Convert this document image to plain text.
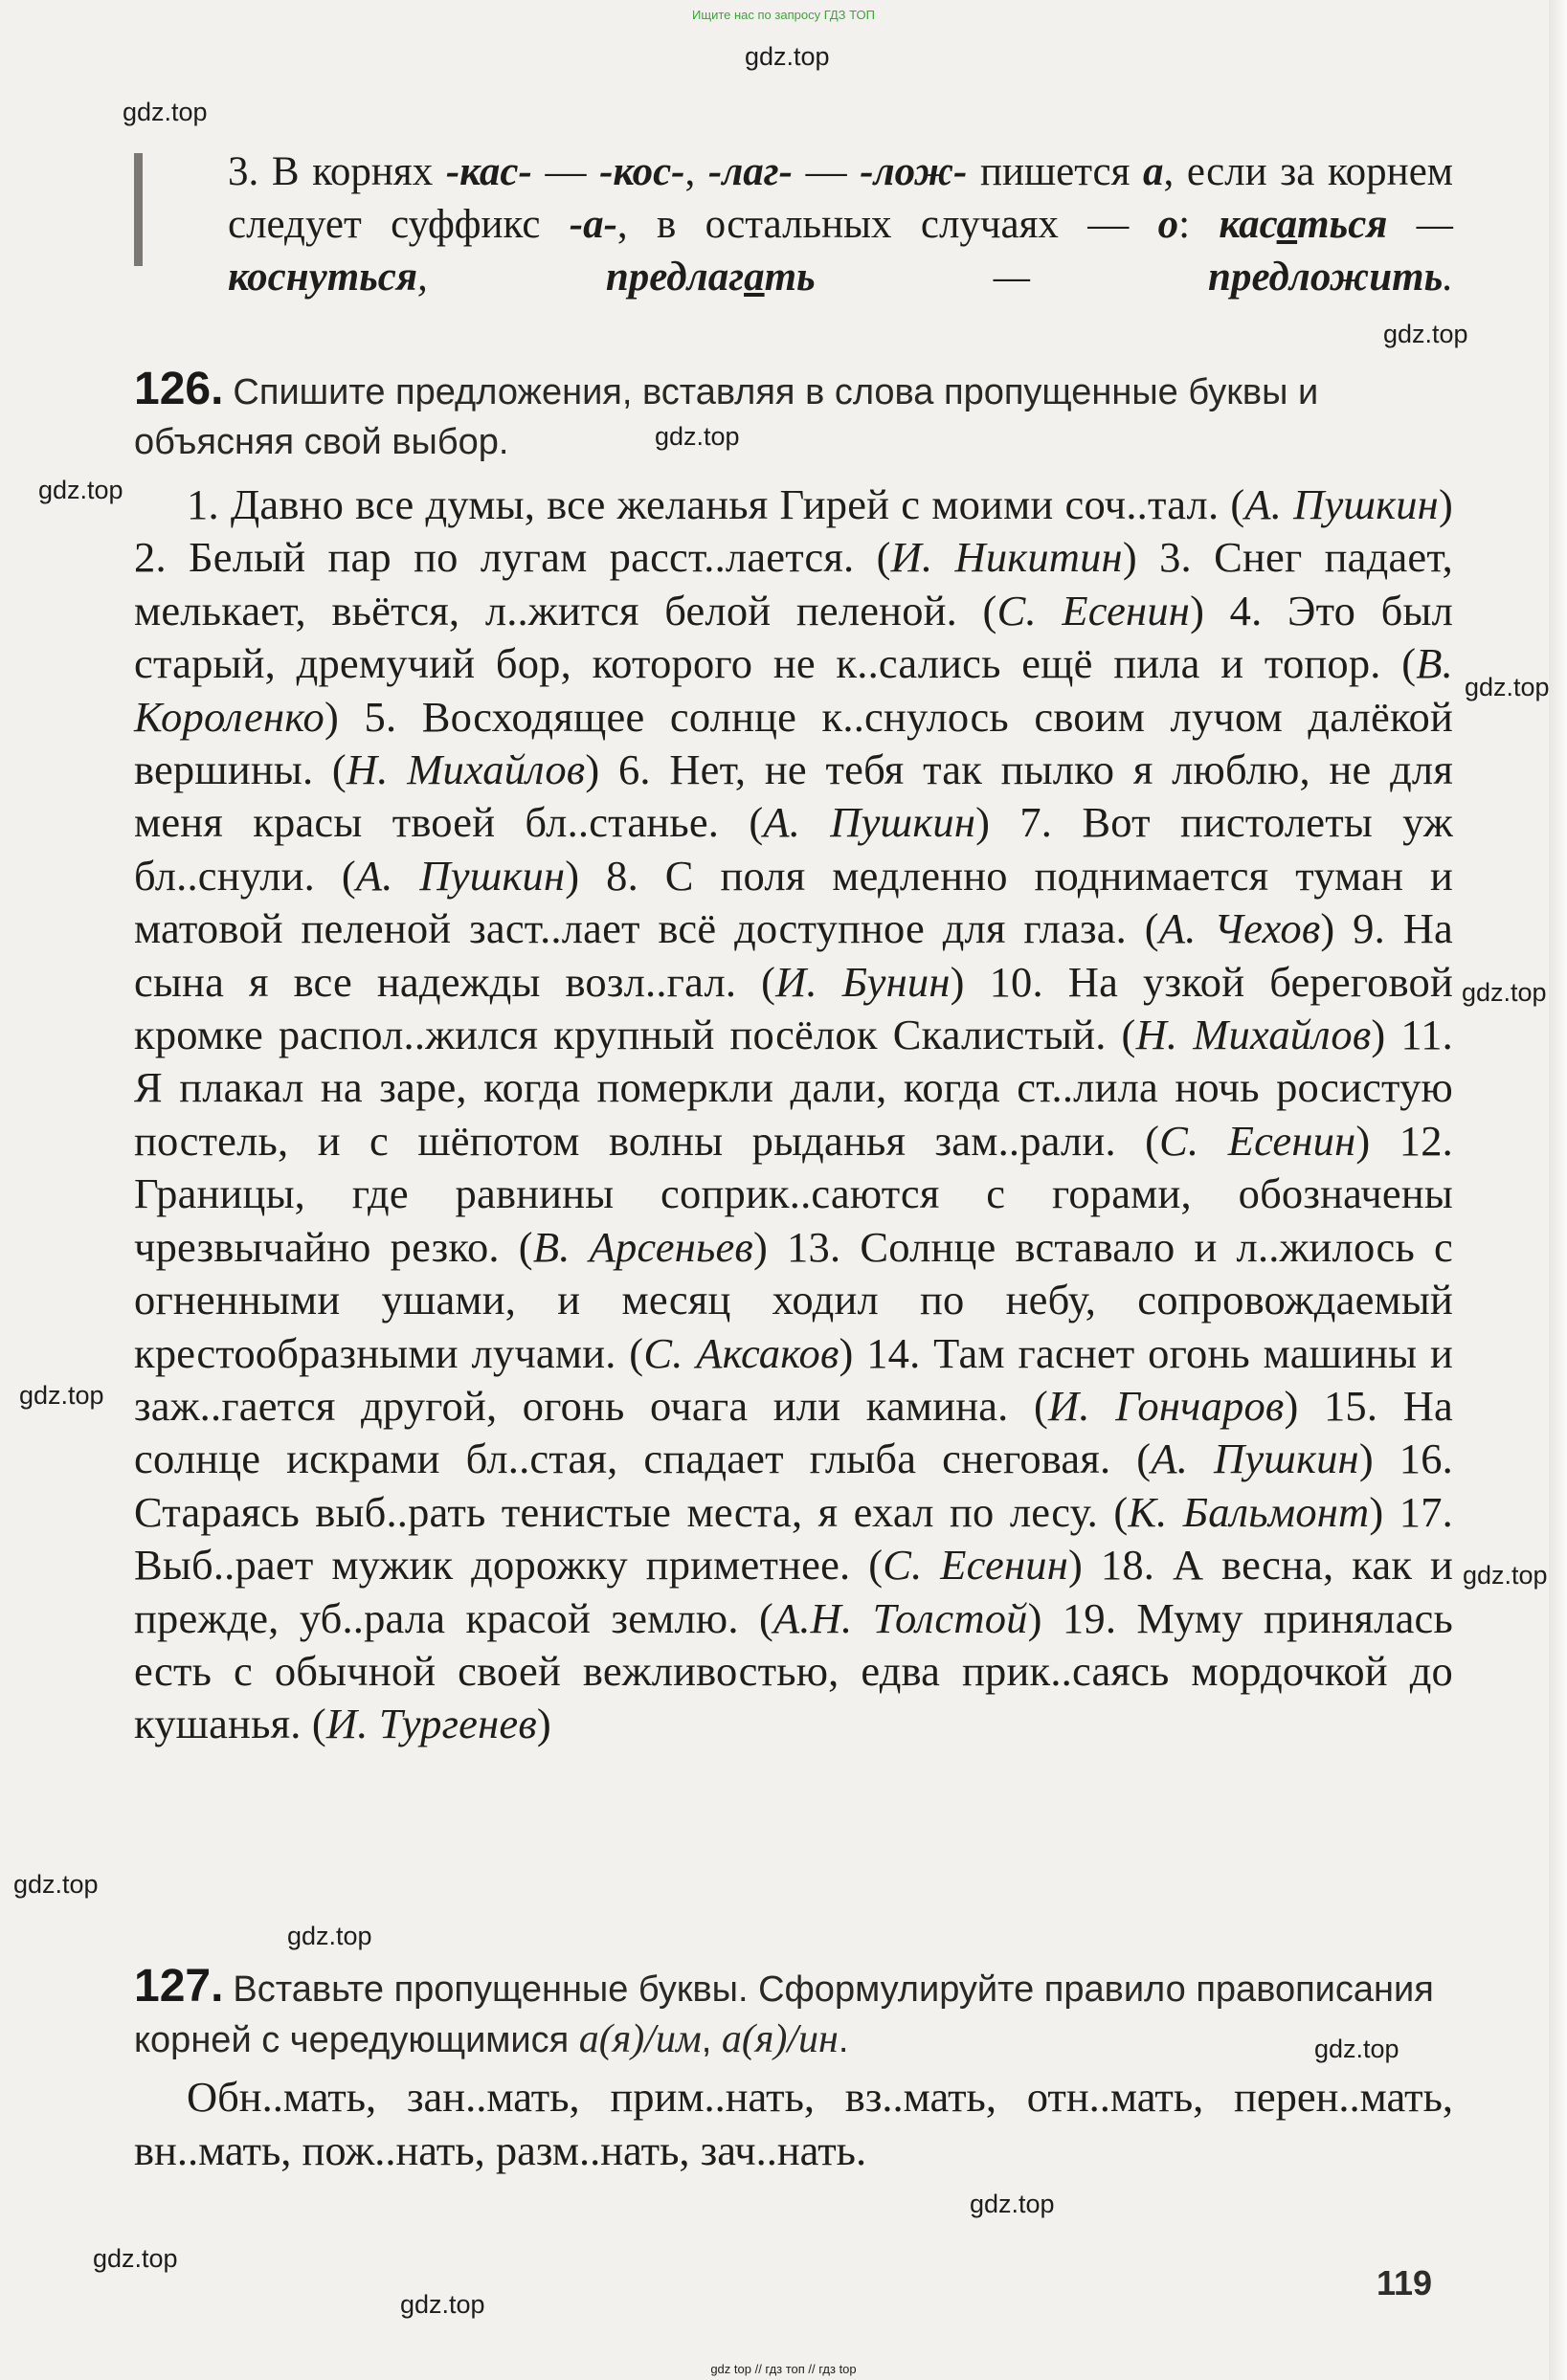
Ищите нас по запросу ГДЗ ТОП
gdz.top
gdz.top
gdz.top
gdz.top
gdz.top
gdz.top
gdz.top
gdz.top
gdz.top
gdz.top
gdz.top
gdz.top
gdz.top
gdz.top
gdz.top
3. В корнях -кас- — -кос-, -лаг- — -лож- пишется а, если за корнем следует суффикс -а-, в остальных случаях — о: касаться — коснуться, предлагать — предложить.
126. Спишите предложения, вставляя в слова пропущенные буквы и объясняя свой выбор.
1. Давно все думы, все желанья Гирей с моими соч..тал. (А. Пушкин) 2. Белый пар по лугам расст..лается. (И. Никитин) 3. Снег падает, мелькает, вьётся, л..жится белой пеленой. (С. Есенин) 4. Это был старый, дремучий бор, которого не к..сались ещё пила и топор. (В. Короленко) 5. Восходящее солнце к..снулось своим лучом далёкой вершины. (Н. Михайлов) 6. Нет, не тебя так пылко я люблю, не для меня красы твоей бл..станье. (А. Пушкин) 7. Вот пистолеты уж бл..снули. (А. Пушкин) 8. С поля медленно поднимается туман и матовой пеленой заст..лает всё доступное для глаза. (А. Чехов) 9. На сына я все надежды возл..гал. (И. Бунин) 10. На узкой береговой кромке распол..жился крупный посёлок Скалистый. (Н. Михайлов) 11. Я плакал на заре, когда померкли дали, когда ст..лила ночь росистую постель, и с шёпотом волны рыданья зам..рали. (С. Есенин) 12. Границы, где равнины соприк..саются с горами, обозначены чрезвычайно резко. (В. Арсеньев) 13. Солнце вставало и л..жилось с огненными ушами, и месяц ходил по небу, сопровождаемый крестообразными лучами. (С. Аксаков) 14. Там гаснет огонь машины и заж..гается другой, огонь очага или камина. (И. Гончаров) 15. На солнце искрами бл..стая, спадает глыба снеговая. (А. Пушкин) 16. Стараясь выб..рать тенистые места, я ехал по лесу. (К. Бальмонт) 17. Выб..рает мужик дорожку приметнее. (С. Есенин) 18. А весна, как и прежде, уб..рала красой землю. (А.Н. Толстой) 19. Муму принялась есть с обычной своей вежливостью, едва прик..саясь мордочкой до кушанья. (И. Тургенев)
127. Вставьте пропущенные буквы. Сформулируйте правило правописания корней с чередующимися а(я)/им, а(я)/ин.
Обн..мать, зан..мать, прим..нать, вз..мать, отн..мать, перен..мать, вн..мать, пож..нать, разм..нать, зач..нать.
119
gdz top // гдз топ // гдз top
